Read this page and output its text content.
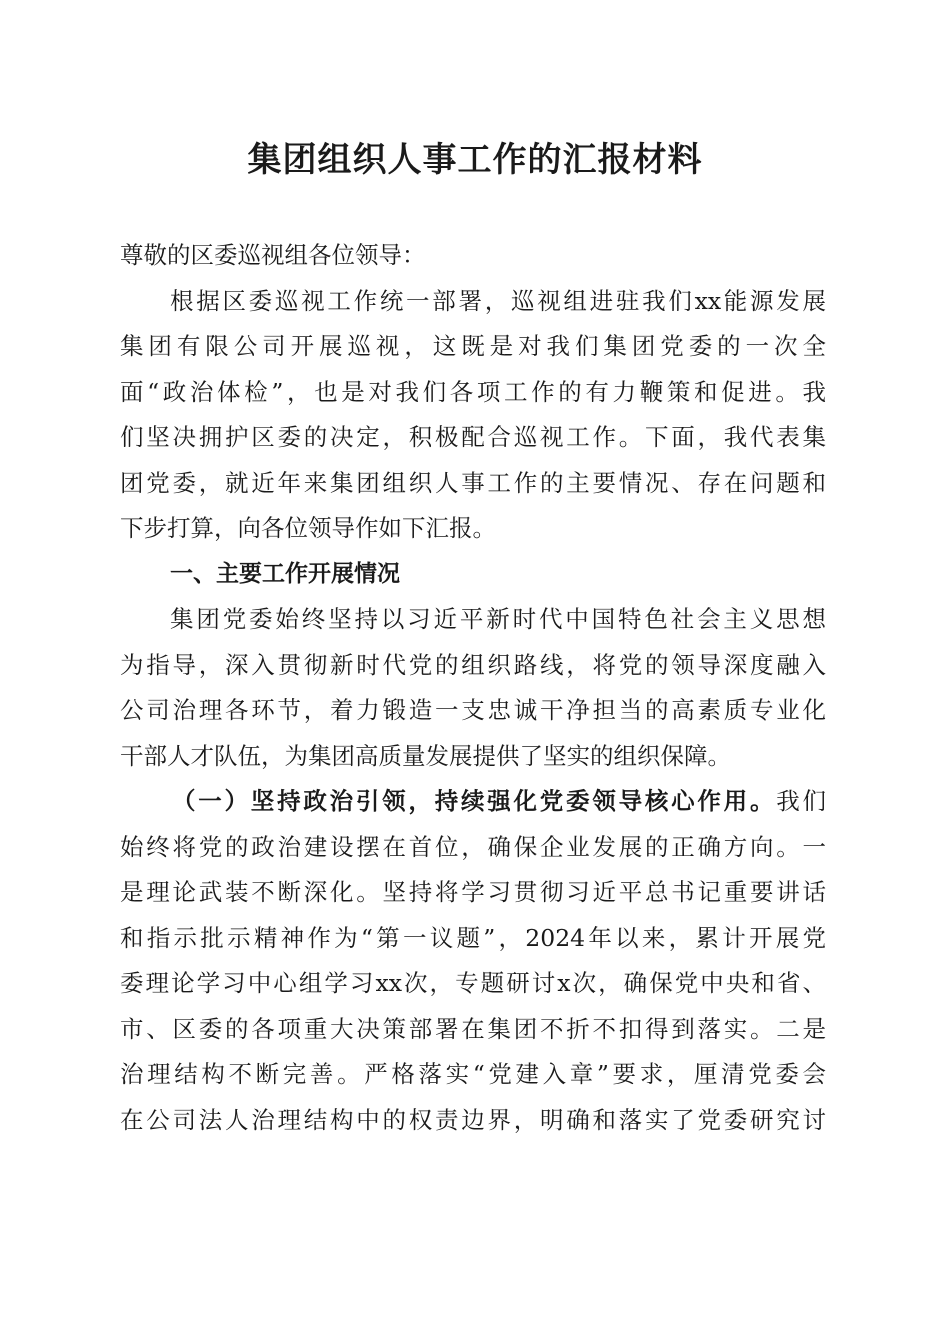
集团组织人事工作的汇报材料
尊敬的区委巡视组各位领导：
根据区委巡视工作统一部署，巡视组进驻我们xx能源发展
集团有限公司开展巡视，这既是对我们集团党委的一次全
面“政治体检”，也是对我们各项工作的有力鞭策和促进。我
们坚决拥护区委的决定，积极配合巡视工作。下面，我代表集
团党委，就近年来集团组织人事工作的主要情况、存在问题和
下步打算，向各位领导作如下汇报。
一、主要工作开展情况
集团党委始终坚持以习近平新时代中国特色社会主义思想
为指导，深入贯彻新时代党的组织路线，将党的领导深度融入
公司治理各环节，着力锻造一支忠诚干净担当的高素质专业化
干部人才队伍，为集团高质量发展提供了坚实的组织保障。
（一）坚持政治引领，持续强化党委领导核心作用。我们
始终将党的政治建设摆在首位，确保企业发展的正确方向。一
是理论武装不断深化。坚持将学习贯彻习近平总书记重要讲话
和指示批示精神作为“第一议题”，2024年以来，累计开展党
委理论学习中心组学习xx次，专题研讨x次，确保党中央和省、
市、区委的各项重大决策部署在集团不折不扣得到落实。二是
治理结构不断完善。严格落实“党建入章”要求，厘清党委会
在公司法人治理结构中的权责边界，明确和落实了党委研究讨
